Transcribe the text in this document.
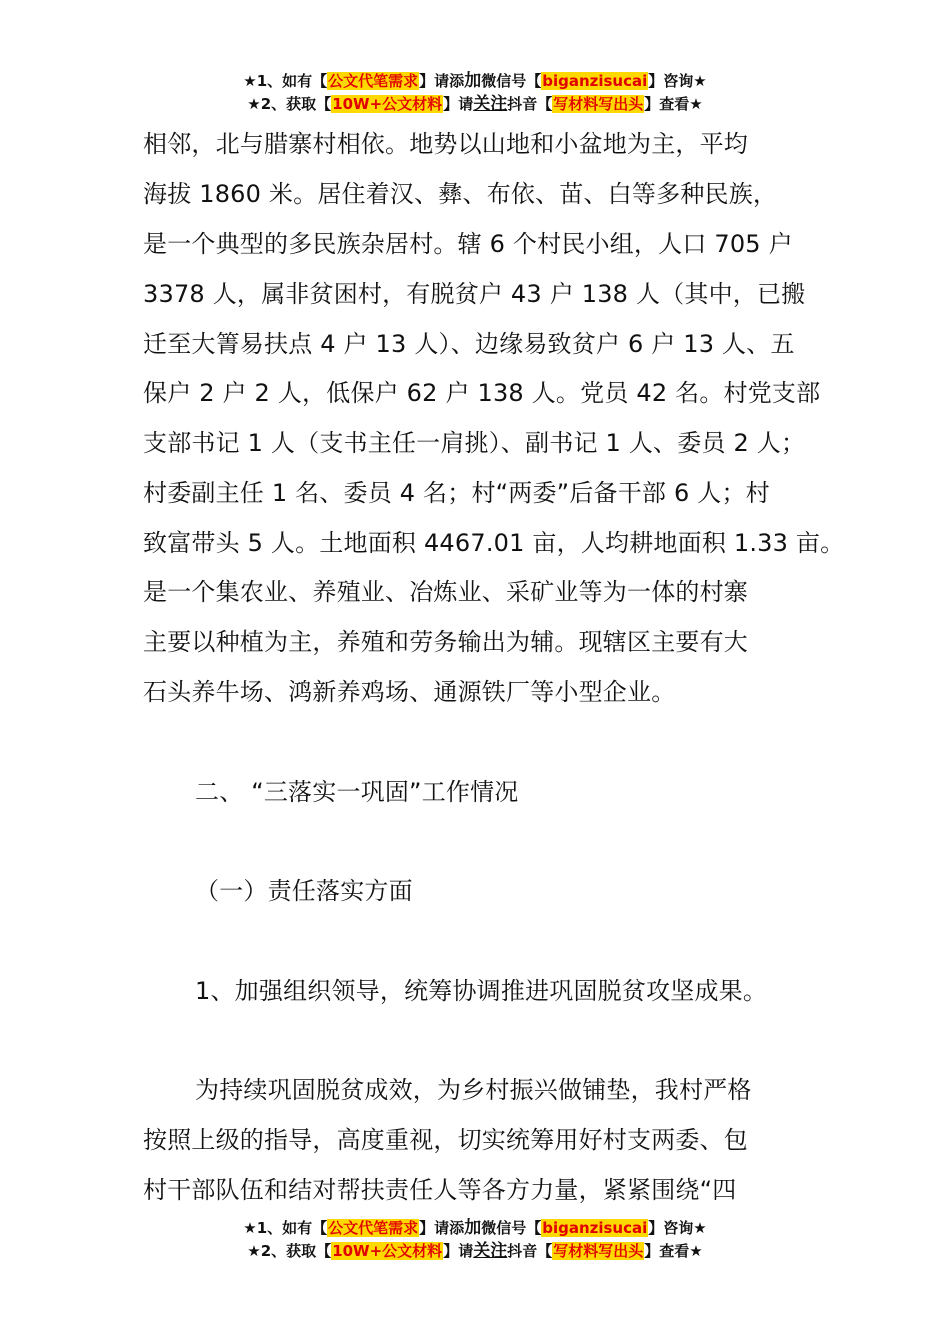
★1、如有【公文代笔需求】请添加微信号【biganzisucai】咨询★
★2、获取【10W+公文材料】请关注抖音【写材料写出头】查看★
相邻，北与腊寨村相依。地势以山地和小盆地为主，平均
海拔 1860 米。居住着汉、彝、布依、苗、白等多种民族，
是一个典型的多民族杂居村。辖 6 个村民小组，人口 705 户
3378 人，属非贫困村，有脱贫户 43 户 138 人（其中，已搬
迁至大箐易扶点 4 户 13 人）、边缘易致贫户 6 户 13 人、五
保户 2 户 2 人，低保户 62 户 138 人。党员 42 名。村党支部
支部书记 1 人（支书主任一肩挑）、副书记 1 人、委员 2 人；
村委副主任 1 名、委员 4 名；村“两委”后备干部 6 人；村
致富带头 5 人。土地面积 4467.01 亩，人均耕地面积 1.33 亩。
是一个集农业、养殖业、冶炼业、采矿业等为一体的村寨
主要以种植为主，养殖和劳务输出为辅。现辖区主要有大
石头养牛场、鸿新养鸡场、通源铁厂等小型企业。
二、 “三落实一巩固”工作情况
（一）责任落实方面
1、加强组织领导，统筹协调推进巩固脱贫攻坚成果。
为持续巩固脱贫成效，为乡村振兴做铺垫，我村严格
按照上级的指导，高度重视，切实统筹用好村支两委、包
村干部队伍和结对帮扶责任人等各方力量，紧紧围绕“四
★1、如有【公文代笔需求】请添加微信号【biganzisucai】咨询★
★2、获取【10W+公文材料】请关注抖音【写材料写出头】查看★
